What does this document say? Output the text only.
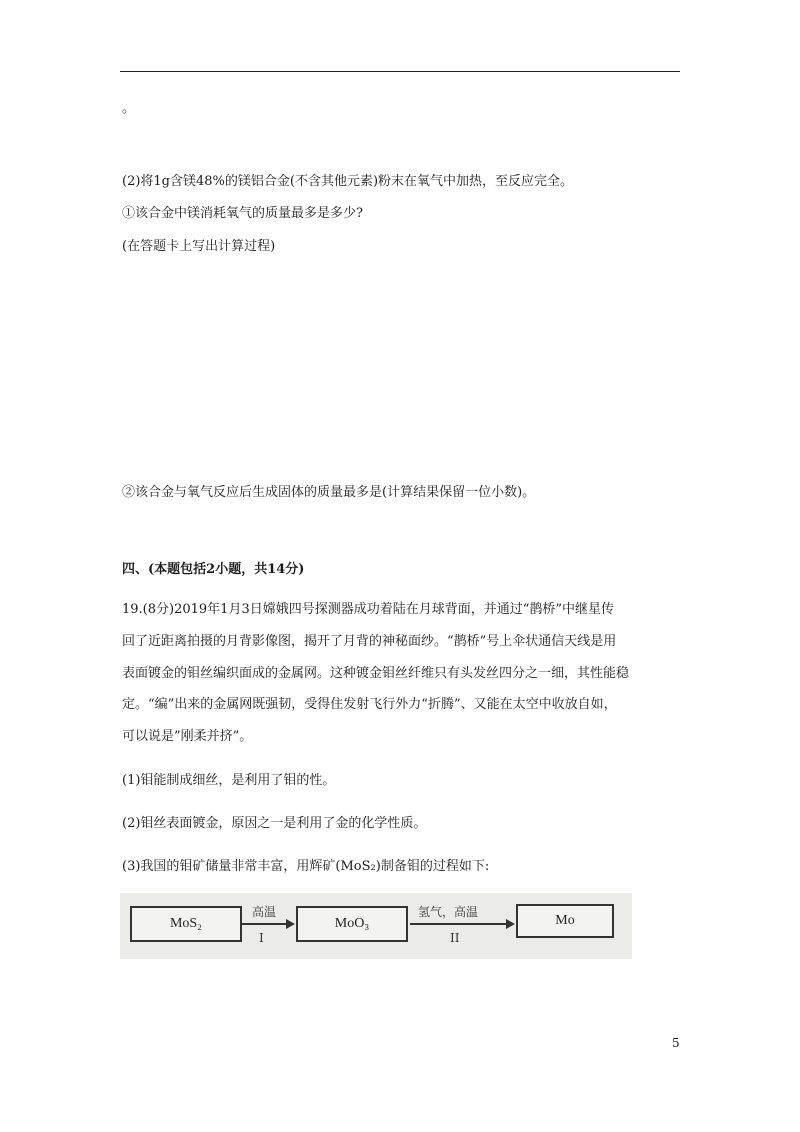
。
(2)将1g含镁48%的镁铝合金(不含其他元素)粉末在氧气中加热，至反应完全。
①该合金中镁消耗氧气的质量最多是多少?
(在答题卡上写出计算过程)
②该合金与氧气反应后生成固体的质量最多是(计算结果保留一位小数)。
四、(本题包括2小题，共14分)
19.(8分)2019年1月3日嫦娥四号探测器成功着陆在月球背面，并通过“鹊桥”中继星传
回了近距离拍摄的月背影像图，揭开了月背的神秘面纱。“鹊桥”号上伞状通信天线是用
表面镀金的钼丝编织面成的金属网。这种镀金钼丝纤维只有头发丝四分之一细，其性能稳
定。“编”出来的金属网既强韧，受得住发射飞行外力“折腾”、又能在太空中收放自如，
可以说是”刚柔并挤”。
(1)钼能制成细丝，是利用了钼的性。
(2)钼丝表面镀金，原因之一是利用了金的化学性质。
(3)我国的钼矿储量非常丰富，用辉矿(MoS₂)制备钼的过程如下:
MoS₂
高温
I
MoO₃
氢气，高温
II
Mo
5
